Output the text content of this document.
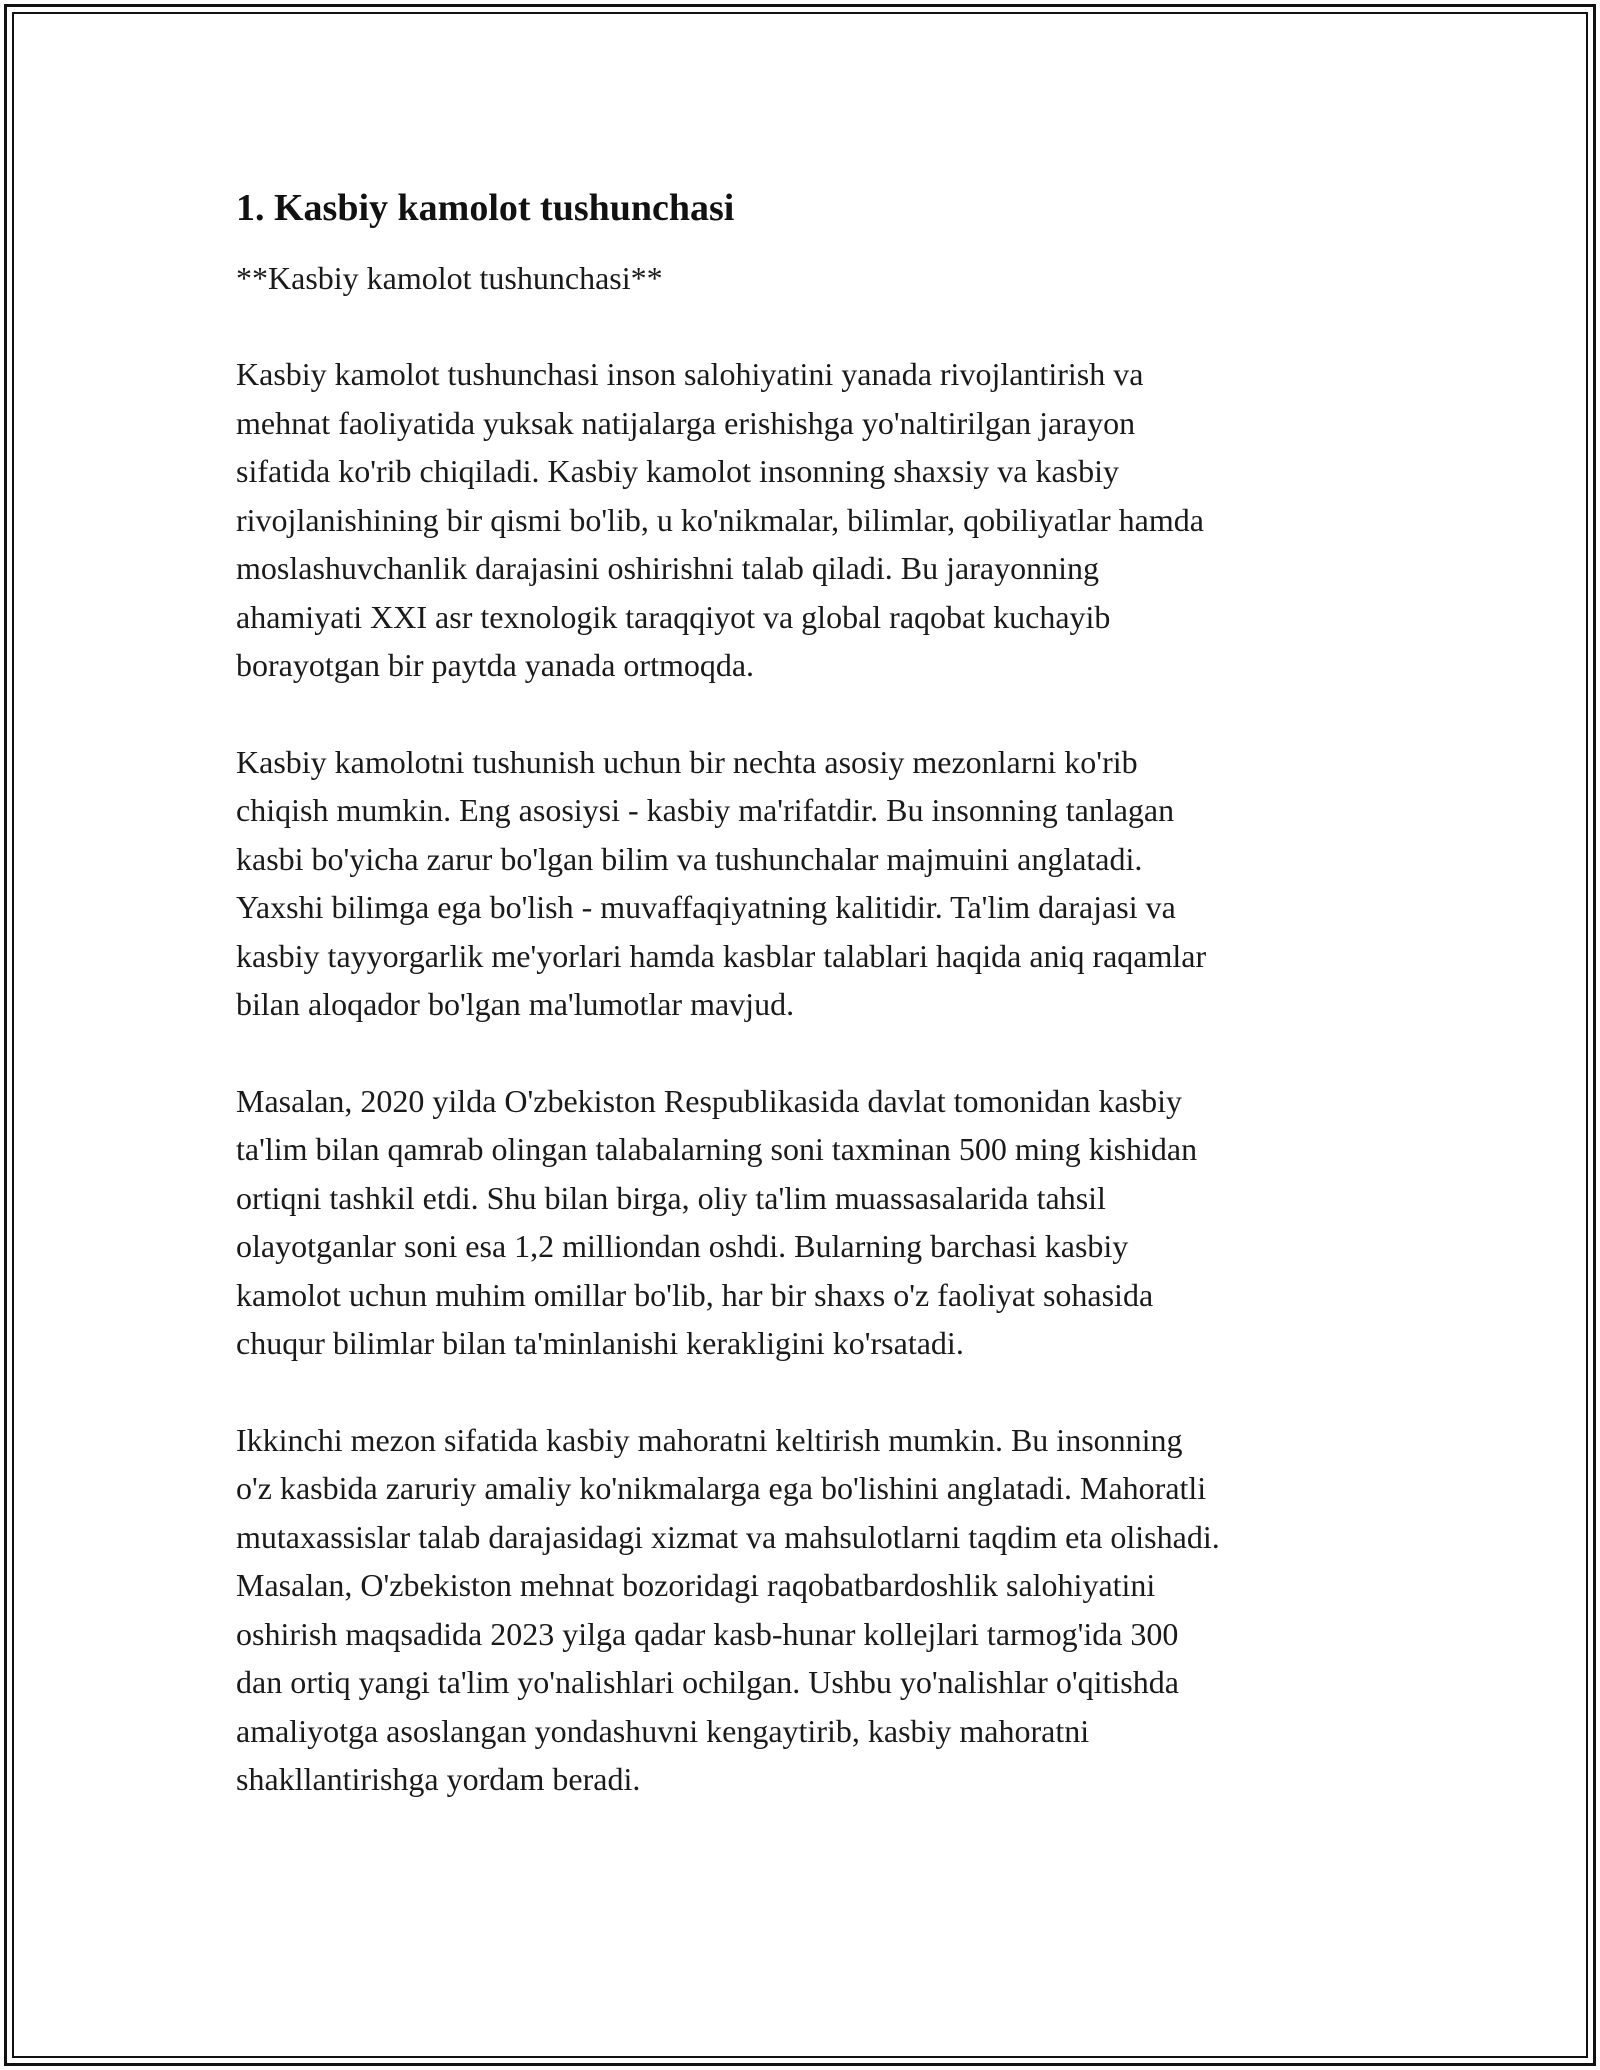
1. Kasbiy kamolot tushunchasi
**Kasbiy kamolot tushunchasi**

Kasbiy kamolot tushunchasi inson salohiyatini yanada rivojlantirish va
mehnat faoliyatida yuksak natijalarga erishishga yo'naltirilgan jarayon
sifatida ko'rib chiqiladi. Kasbiy kamolot insonning shaxsiy va kasbiy
rivojlanishining bir qismi bo'lib, u ko'nikmalar, bilimlar, qobiliyatlar hamda
moslashuvchanlik darajasini oshirishni talab qiladi. Bu jarayonning
ahamiyati XXI asr texnologik taraqqiyot va global raqobat kuchayib
borayotgan bir paytda yanada ortmoqda.

Kasbiy kamolotni tushunish uchun bir nechta asosiy mezonlarni ko'rib
chiqish mumkin. Eng asosiysi - kasbiy ma'rifatdir. Bu insonning tanlagan
kasbi bo'yicha zarur bo'lgan bilim va tushunchalar majmuini anglatadi.
Yaxshi bilimga ega bo'lish - muvaffaqiyatning kalitidir. Ta'lim darajasi va
kasbiy tayyorgarlik me'yorlari hamda kasblar talablari haqida aniq raqamlar
bilan aloqador bo'lgan ma'lumotlar mavjud.

Masalan, 2020 yilda O'zbekiston Respublikasida davlat tomonidan kasbiy
ta'lim bilan qamrab olingan talabalarning soni taxminan 500 ming kishidan
ortiqni tashkil etdi. Shu bilan birga, oliy ta'lim muassasalarida tahsil
olayotganlar soni esa 1,2 milliondan oshdi. Bularning barchasi kasbiy
kamolot uchun muhim omillar bo'lib, har bir shaxs o'z faoliyat sohasida
chuqur bilimlar bilan ta'minlanishi kerakligini ko'rsatadi.

Ikkinchi mezon sifatida kasbiy mahoratni keltirish mumkin. Bu insonning
o'z kasbida zaruriy amaliy ko'nikmalarga ega bo'lishini anglatadi. Mahoratli
mutaxassislar talab darajasidagi xizmat va mahsulotlarni taqdim eta olishadi.
Masalan, O'zbekiston mehnat bozoridagi raqobatbardoshlik salohiyatini
oshirish maqsadida 2023 yilga qadar kasb-hunar kollejlari tarmog'ida 300
dan ortiq yangi ta'lim yo'nalishlari ochilgan. Ushbu yo'nalishlar o'qitishda
amaliyotga asoslangan yondashuvni kengaytirib, kasbiy mahoratni
shakllantirishga yordam beradi.
